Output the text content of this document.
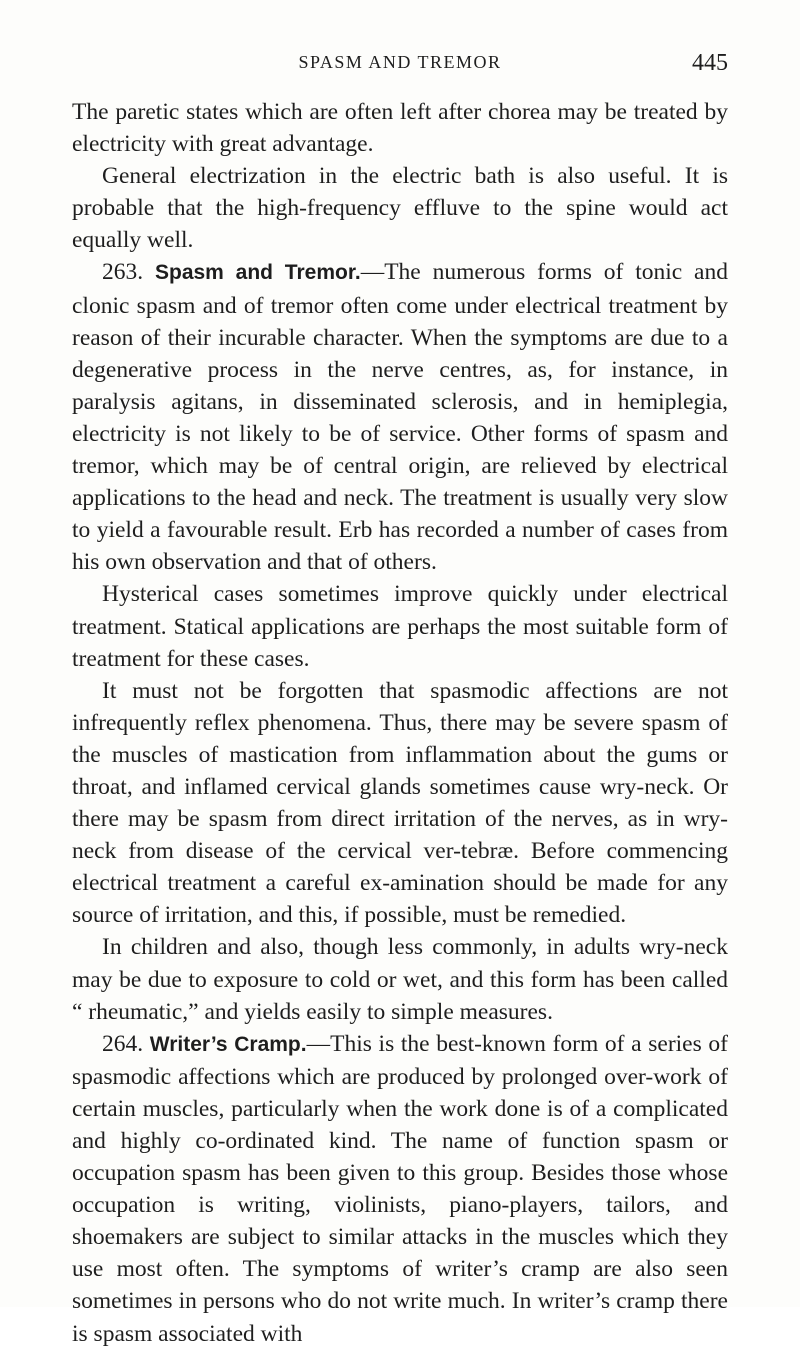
SPASM AND TREMOR	445

The paretic states which are often left after chorea may be treated by electricity with great advantage.

General electrization in the electric bath is also useful. It is probable that the high-frequency effluve to the spine would act equally well.

263. Spasm and Tremor.—The numerous forms of tonic and clonic spasm and of tremor often come under electrical treatment by reason of their incurable character. When the symptoms are due to a degenerative process in the nerve centres, as, for instance, in paralysis agitans, in disseminated sclerosis, and in hemiplegia, electricity is not likely to be of service. Other forms of spasm and tremor, which may be of central origin, are relieved by electrical applications to the head and neck. The treatment is usually very slow to yield a favourable result. Erb has recorded a number of cases from his own observation and that of others.

Hysterical cases sometimes improve quickly under electrical treatment. Statical applications are perhaps the most suitable form of treatment for these cases.

It must not be forgotten that spasmodic affections are not infrequently reflex phenomena. Thus, there may be severe spasm of the muscles of mastication from inflammation about the gums or throat, and inflamed cervical glands sometimes cause wry-neck. Or there may be spasm from direct irritation of the nerves, as in wry-neck from disease of the cervical ver-tebræ. Before commencing electrical treatment a careful ex-amination should be made for any source of irritation, and this, if possible, must be remedied.

In children and also, though less commonly, in adults wry-neck may be due to exposure to cold or wet, and this form has been called “ rheumatic,” and yields easily to simple measures.

264. Writer’s Cramp.—This is the best-known form of a series of spasmodic affections which are produced by prolonged over-work of certain muscles, particularly when the work done is of a complicated and highly co-ordinated kind. The name of function spasm or occupation spasm has been given to this group. Besides those whose occupation is writing, violinists, piano-players, tailors, and shoemakers are subject to similar attacks in the muscles which they use most often. The symptoms of writer’s cramp are also seen sometimes in persons who do not write much. In writer’s cramp there is spasm associated with
